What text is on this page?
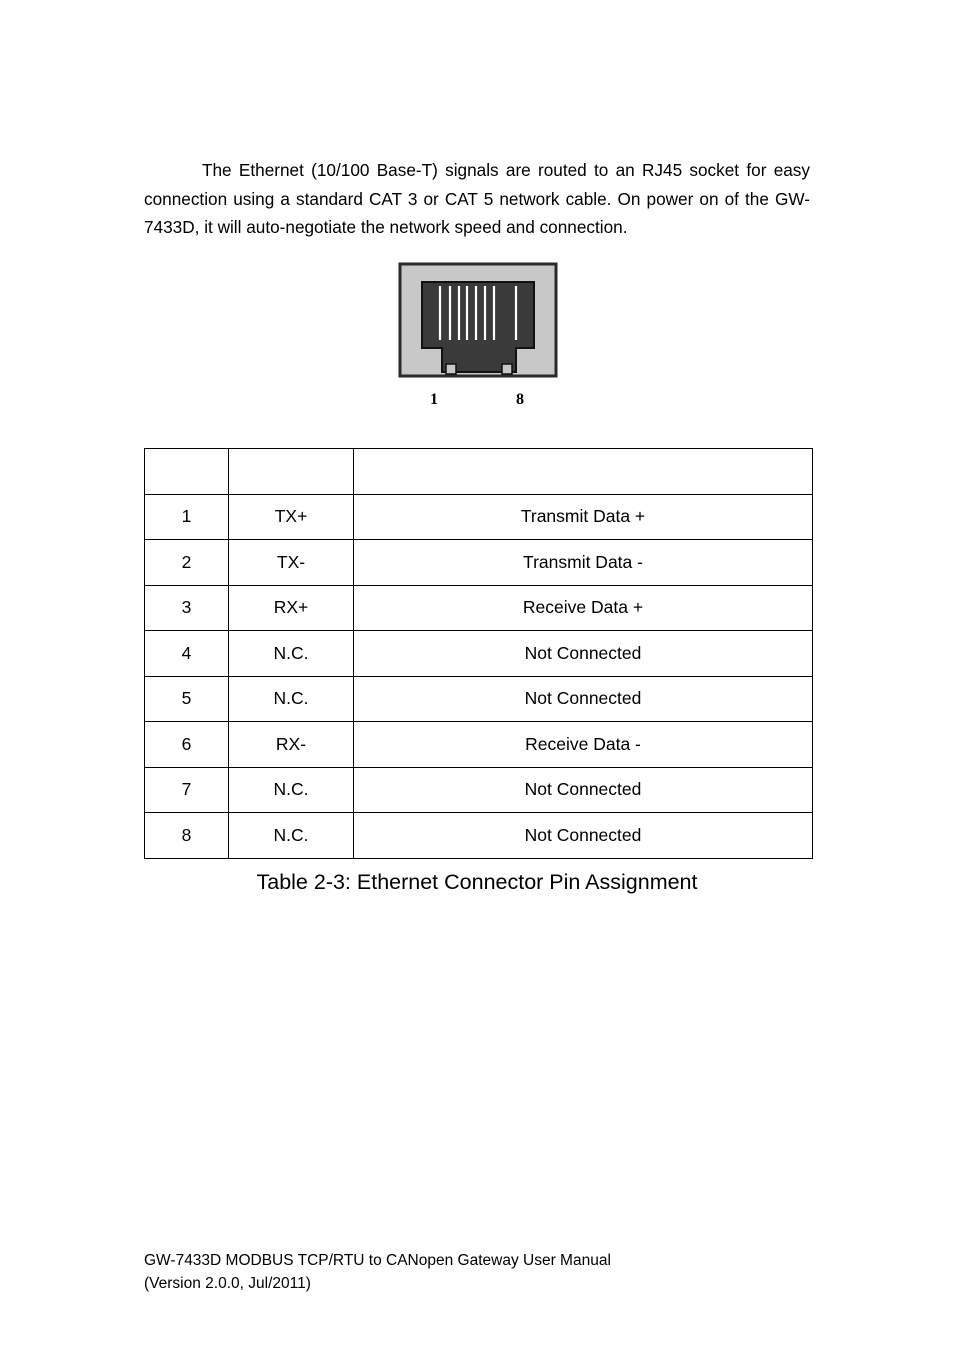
The Ethernet (10/100 Base-T) signals are routed to an RJ45 socket for easy connection using a standard CAT 3 or CAT 5 network cable. On power on of the GW-7433D, it will auto-negotiate the network speed and connection.

1	8

1	TX+	Transmit Data +
2	TX-	Transmit Data -
3	RX+	Receive Data +
4	N.C.	Not Connected
5	N.C.	Not Connected
6	RX-	Receive Data -
7	N.C.	Not Connected
8	N.C.	Not Connected

Table 2-3: Ethernet Connector Pin Assignment

GW-7433D MODBUS TCP/RTU to CANopen Gateway User Manual
(Version 2.0.0, Jul/2011)
